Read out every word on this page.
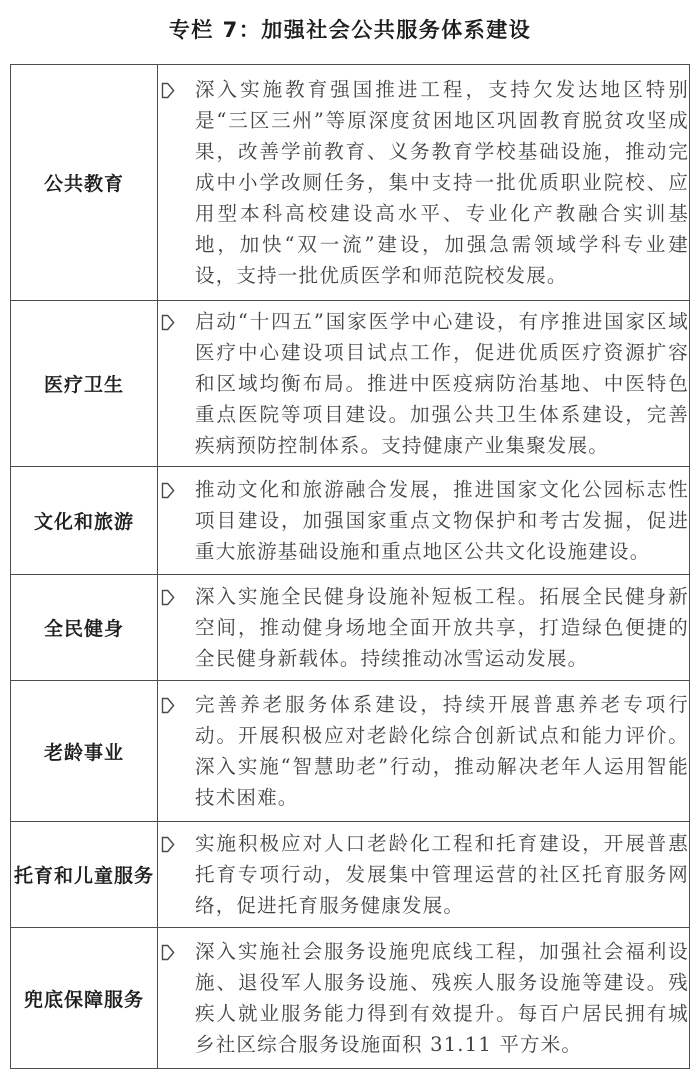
专栏 7：加强社会公共服务体系建设
公共教育	深入实施教育强国推进工程，支持欠发达地区特别是“三区三州”等原深度贫困地区巩固教育脱贫攻坚成果，改善学前教育、义务教育学校基础设施，推动完成中小学改厕任务，集中支持一批优质职业院校、应用型本科高校建设高水平、专业化产教融合实训基地，加快“双一流”建设，加强急需领域学科专业建设，支持一批优质医学和师范院校发展。

医疗卫生	启动“十四五”国家医学中心建设，有序推进国家区域医疗中心建设项目试点工作，促进优质医疗资源扩容和区域均衡布局。推进中医疫病防治基地、中医特色重点医院等项目建设。加强公共卫生体系建设，完善疾病预防控制体系。支持健康产业集聚发展。

文化和旅游	推动文化和旅游融合发展，推进国家文化公园标志性项目建设，加强国家重点文物保护和考古发掘，促进重大旅游基础设施和重点地区公共文化设施建设。

全民健身	深入实施全民健身设施补短板工程。拓展全民健身新空间，推动健身场地全面开放共享，打造绿色便捷的全民健身新载体。持续推动冰雪运动发展。

老龄事业	完善养老服务体系建设，持续开展普惠养老专项行动。开展积极应对老龄化综合创新试点和能力评价。深入实施“智慧助老”行动，推动解决老年人运用智能技术困难。

托育和儿童服务	实施积极应对人口老龄化工程和托育建设，开展普惠托育专项行动，发展集中管理运营的社区托育服务网络，促进托育服务健康发展。

兜底保障服务	深入实施社会服务设施兜底线工程，加强社会福利设施、退役军人服务设施、残疾人服务设施等建设。残疾人就业服务能力得到有效提升。每百户居民拥有城乡社区综合服务设施面积 31.11 平方米。
